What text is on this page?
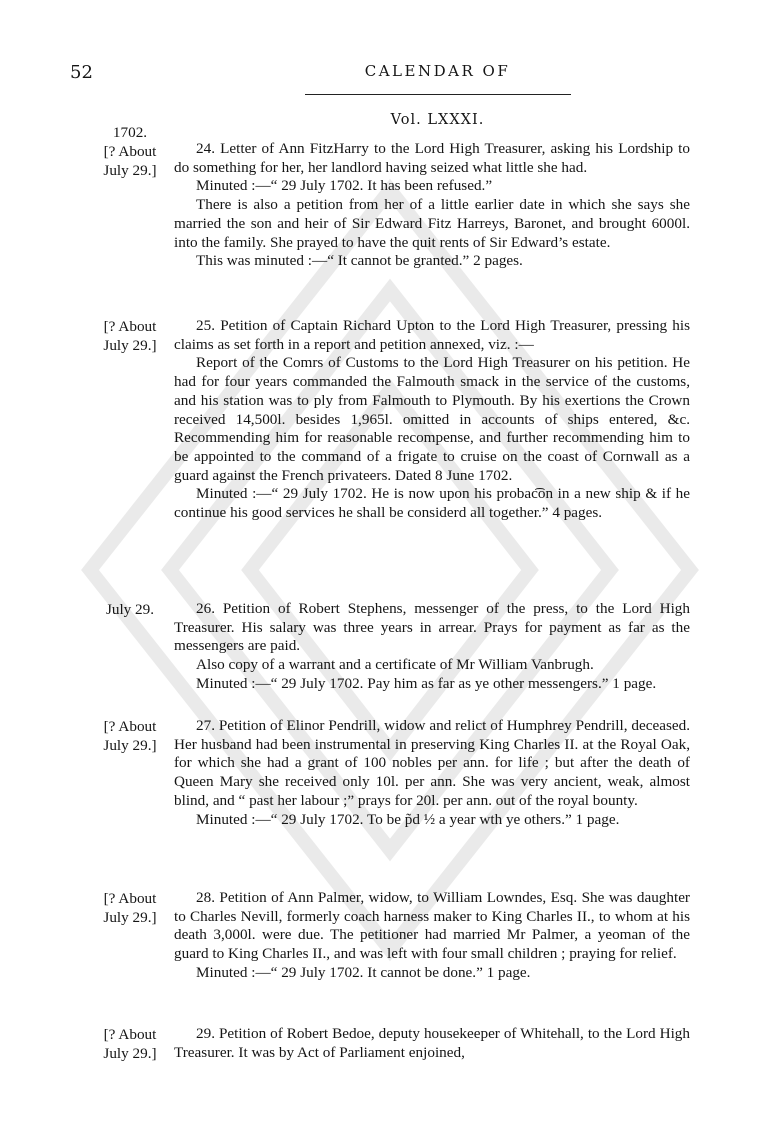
52	CALENDAR OF
Vol. LXXXI.
1702.
[? About
July 29.]

24. Letter of Ann FitzHarry to the Lord High Treasurer, asking his Lordship to do something for her, her landlord having seized what little she had.

Minuted :—“ 29 July 1702. It has been refused.”

There is also a petition from her of a little earlier date in which she says she married the son and heir of Sir Edward Fitz Harreys, Baronet, and brought 6000l. into the family. She prayed to have the quit rents of Sir Edward’s estate.

This was minuted :—“ It cannot be granted.” 2 pages.

[? About
July 29.]

25. Petition of Captain Richard Upton to the Lord High Treasurer, pressing his claims as set forth in a report and petition annexed, viz. :—

Report of the Comrs of Customs to the Lord High Treasurer on his petition. He had for four years commanded the Falmouth smack in the service of the customs, and his station was to ply from Falmouth to Plymouth. By his exertions the Crown received 14,500l. besides 1,965l. omitted in accounts of ships entered, &c. Recommending him for reasonable recompense, and further recommending him to be appointed to the command of a frigate to cruise on the coast of Cornwall as a guard against the French privateers. Dated 8 June 1702.

Minuted :—“ 29 July 1702. He is now upon his probac͡on in a new ship & if he continue his good services he shall be considerd all together.” 4 pages.

July 29.	26. Petition of Robert Stephens, messenger of the press, to the Lord High Treasurer. His salary was three years in arrear. Prays for payment as far as the messengers are paid.

Also copy of a warrant and a certificate of Mr William Vanbrugh.

Minuted :—“ 29 July 1702. Pay him as far as ye other messengers.” 1 page.

[? About
July 29.]

27. Petition of Elinor Pendrill, widow and relict of Humphrey Pendrill, deceased. Her husband had been instrumental in preserving King Charles II. at the Royal Oak, for which she had a grant of 100 nobles per ann. for life ; but after the death of Queen Mary she received only 10l. per ann. She was very ancient, weak, almost blind, and “ past her labour ;” prays for 20l. per ann. out of the royal bounty.

Minuted :—“ 29 July 1702. To be p̃d ½ a year wth ye others.” 1 page.

[? About
July 29.]

28. Petition of Ann Palmer, widow, to William Lowndes, Esq. She was daughter to Charles Nevill, formerly coach harness maker to King Charles II., to whom at his death 3,000l. were due. The petitioner had married Mr Palmer, a yeoman of the guard to King Charles II., and was left with four small children ; praying for relief.

Minuted :—“ 29 July 1702. It cannot be done.” 1 page.

[? About
July 29.]

29. Petition of Robert Bedoe, deputy housekeeper of Whitehall, to the Lord High Treasurer. It was by Act of Parliament enjoined,
